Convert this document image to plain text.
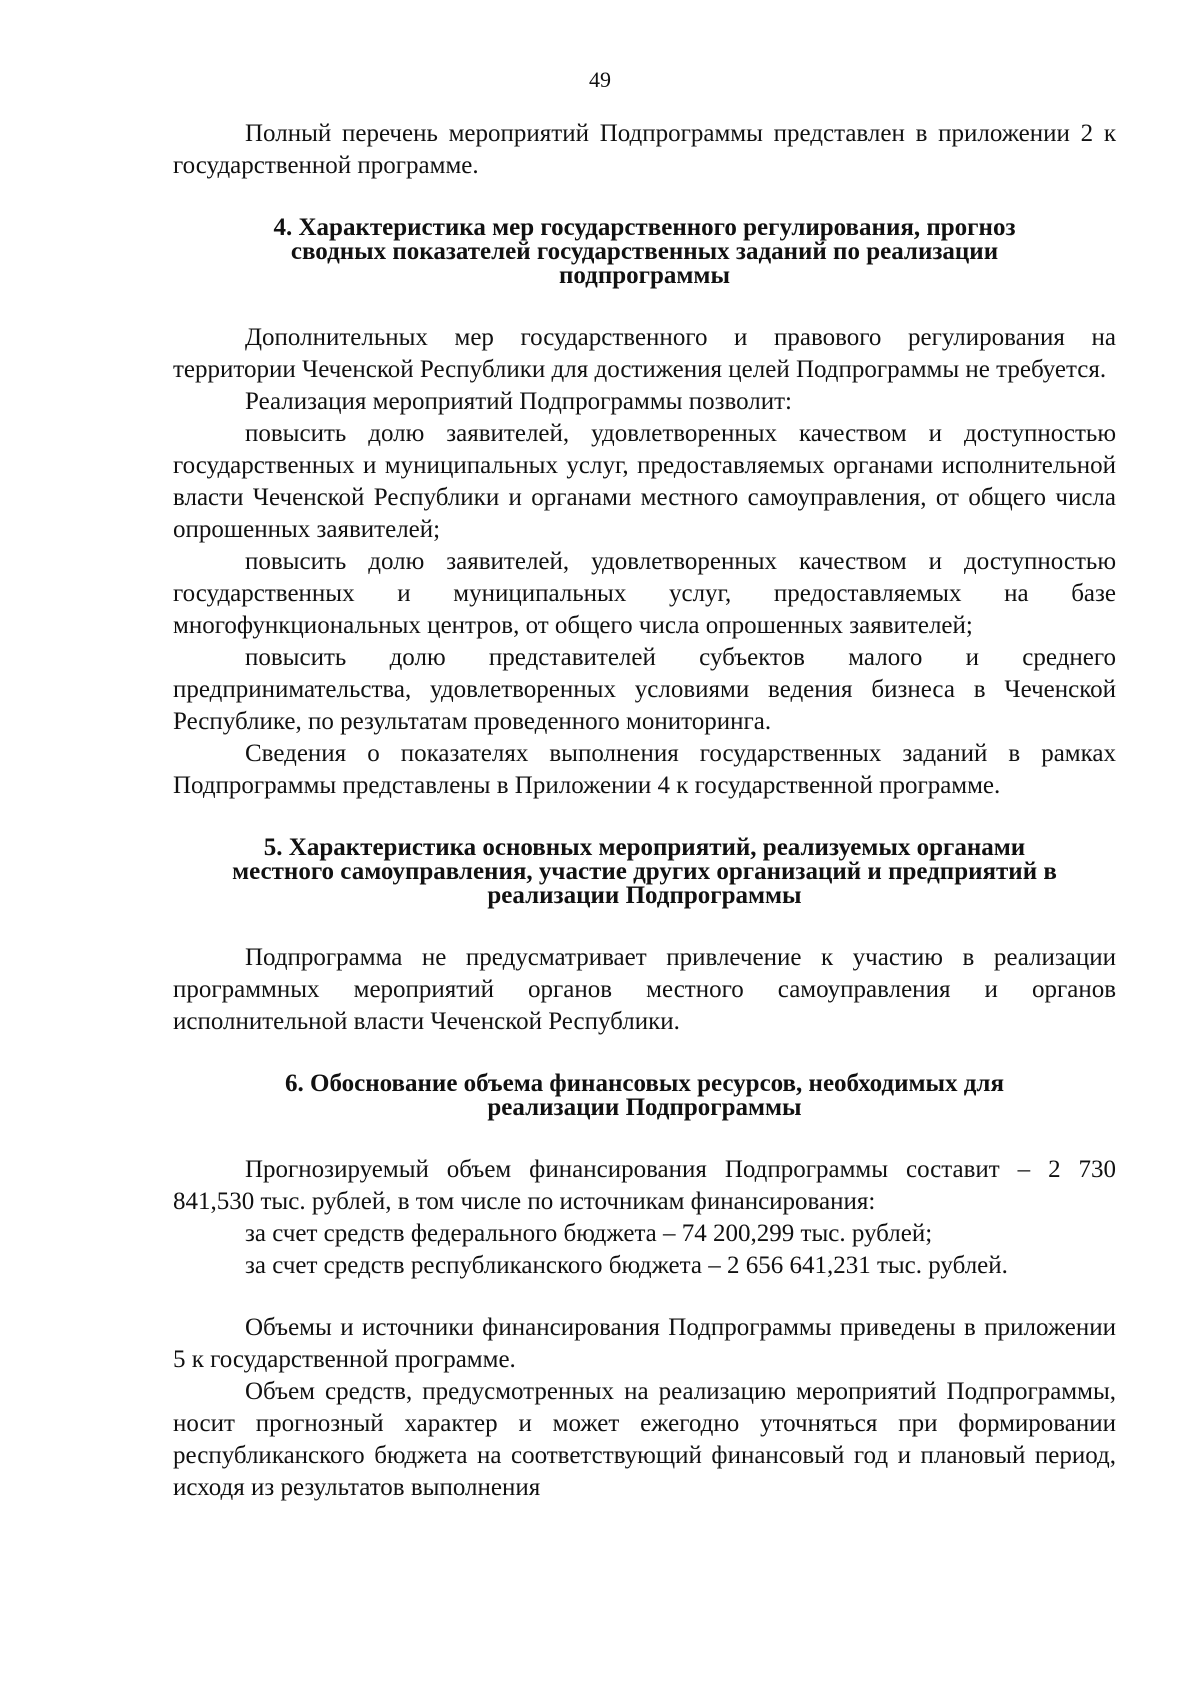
49

Полный перечень мероприятий Подпрограммы представлен в приложении 2 к государственной программе.

4. Характеристика мер государственного регулирования, прогноз
сводных показателей государственных заданий по реализации
подпрограммы

Дополнительных мер государственного и правового регулирования на территории Чеченской Республики для достижения целей Подпрограммы не требуется.

Реализация мероприятий Подпрограммы позволит:

повысить долю заявителей, удовлетворенных качеством и доступностью государственных и муниципальных услуг, предоставляемых органами исполнительной власти Чеченской Республики и органами местного самоуправления, от общего числа опрошенных заявителей;

повысить долю заявителей, удовлетворенных качеством и доступностью государственных и муниципальных услуг, предоставляемых на базе многофункциональных центров, от общего числа опрошенных заявителей;

повысить долю представителей субъектов малого и среднего предпринимательства, удовлетворенных условиями ведения бизнеса в Чеченской Республике, по результатам проведенного мониторинга.

Сведения о показателях выполнения государственных заданий в рамках Подпрограммы представлены в Приложении 4 к государственной программе.

5. Характеристика основных мероприятий, реализуемых органами
местного самоуправления, участие других организаций и предприятий в
реализации Подпрограммы

Подпрограмма не предусматривает привлечение к участию в реализации программных мероприятий органов местного самоуправления и органов исполнительной власти Чеченской Республики.

6. Обоснование объема финансовых ресурсов, необходимых для
реализации Подпрограммы

Прогнозируемый объем финансирования Подпрограммы составит – 2 730 841,530 тыс. рублей, в том числе по источникам финансирования:

за счет средств федерального бюджета – 74 200,299 тыс. рублей;

за счет средств республиканского бюджета – 2 656 641,231 тыс. рублей.

Объемы и источники финансирования Подпрограммы приведены в приложении 5 к государственной программе.

Объем средств, предусмотренных на реализацию мероприятий Подпрограммы, носит прогнозный характер и может ежегодно уточняться при формировании республиканского бюджета на соответствующий финансовый год и плановый период, исходя из результатов выполнения
